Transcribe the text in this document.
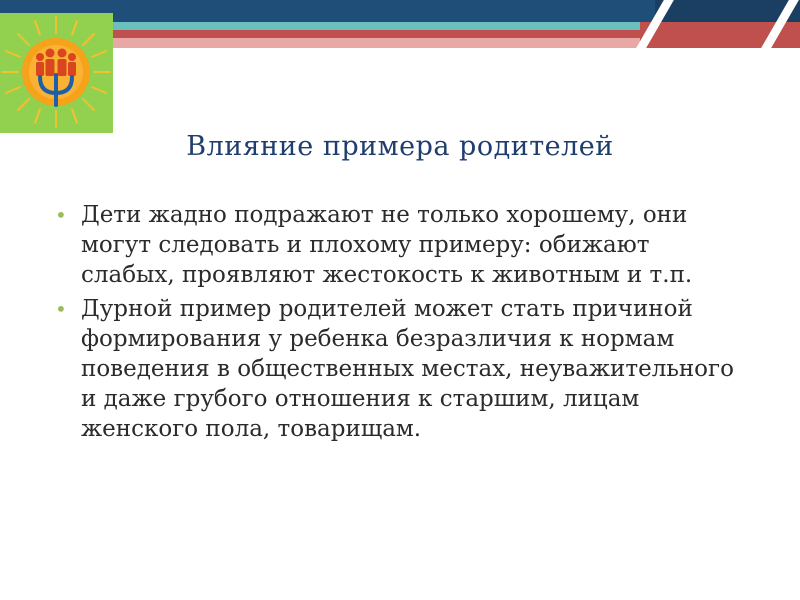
Влияние примера родителей
• Дети жадно подражают не только хорошему, они могут следовать и плохому примеру: обижают слабых, проявляют жестокость к животным и т.п.
• Дурной пример родителей может стать причиной формирования у ребенка безразличия к нормам поведения в общественных местах, неуважительного и даже грубого отношения к старшим, лицам женского пола, товарищам.
